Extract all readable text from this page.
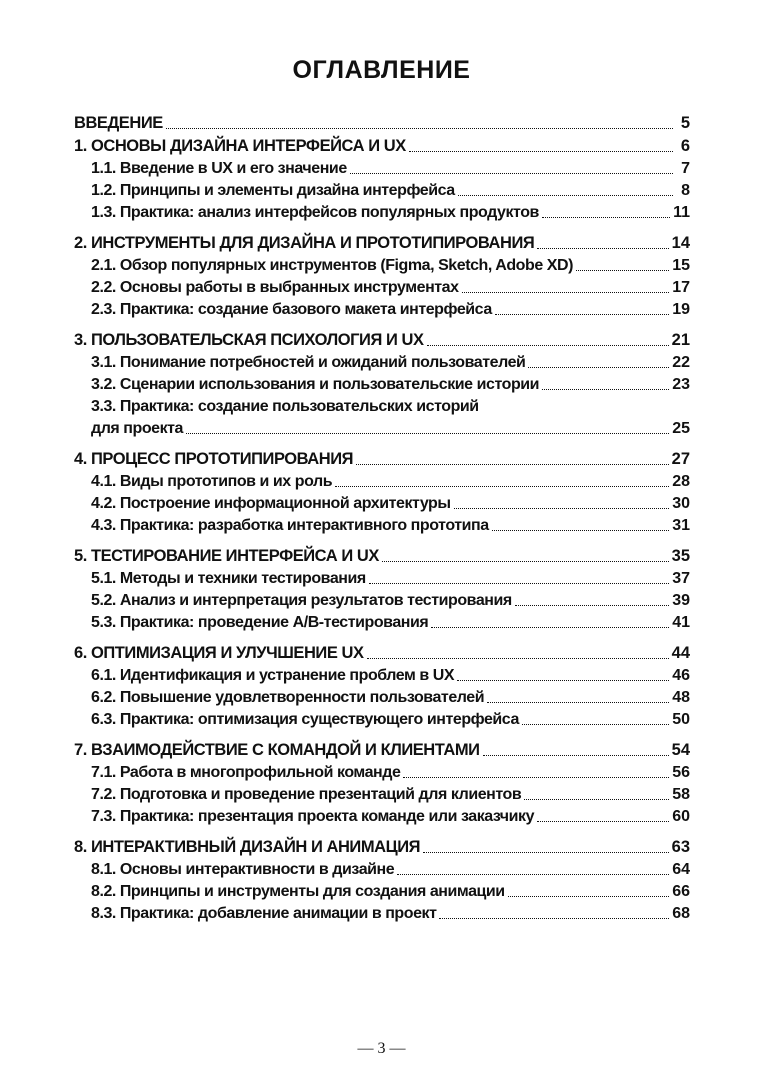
ОГЛАВЛЕНИЕ
ВВЕДЕНИЕ	5
1. ОСНОВЫ ДИЗАЙНА ИНТЕРФЕЙСА И UX	6
1.1. Введение в UX и его значение	7
1.2. Принципы и элементы дизайна интерфейса	8
1.3. Практика: анализ интерфейсов популярных продуктов	11
2. ИНСТРУМЕНТЫ ДЛЯ ДИЗАЙНА И ПРОТОТИПИРОВАНИЯ	14
2.1. Обзор популярных инструментов (Figma, Sketch, Adobe XD)	15
2.2. Основы работы в выбранных инструментах	17
2.3. Практика: создание базового макета интерфейса	19
3. ПОЛЬЗОВАТЕЛЬСКАЯ ПСИХОЛОГИЯ И UX	21
3.1. Понимание потребностей и ожиданий пользователей	22
3.2. Сценарии использования и пользовательские истории	23
3.3. Практика: создание пользовательских историй
для проекта	25
4. ПРОЦЕСС ПРОТОТИПИРОВАНИЯ	27
4.1. Виды прототипов и их роль	28
4.2. Построение информационной архитектуры	30
4.3. Практика: разработка интерактивного прототипа	31
5. ТЕСТИРОВАНИЕ ИНТЕРФЕЙСА И UX	35
5.1. Методы и техники тестирования	37
5.2. Анализ и интерпретация результатов тестирования	39
5.3. Практика: проведение A/B-тестирования	41
6. ОПТИМИЗАЦИЯ И УЛУЧШЕНИЕ UX	44
6.1. Идентификация и устранение проблем в UX	46
6.2. Повышение удовлетворенности пользователей	48
6.3. Практика: оптимизация существующего интерфейса	50
7. ВЗАИМОДЕЙСТВИЕ С КОМАНДОЙ И КЛИЕНТАМИ	54
7.1. Работа в многопрофильной команде	56
7.2. Подготовка и проведение презентаций для клиентов	58
7.3. Практика: презентация проекта команде или заказчику	60
8. ИНТЕРАКТИВНЫЙ ДИЗАЙН И АНИМАЦИЯ	63
8.1. Основы интерактивности в дизайне	64
8.2. Принципы и инструменты для создания анимации	66
8.3. Практика: добавление анимации в проект	68
— 3 —
